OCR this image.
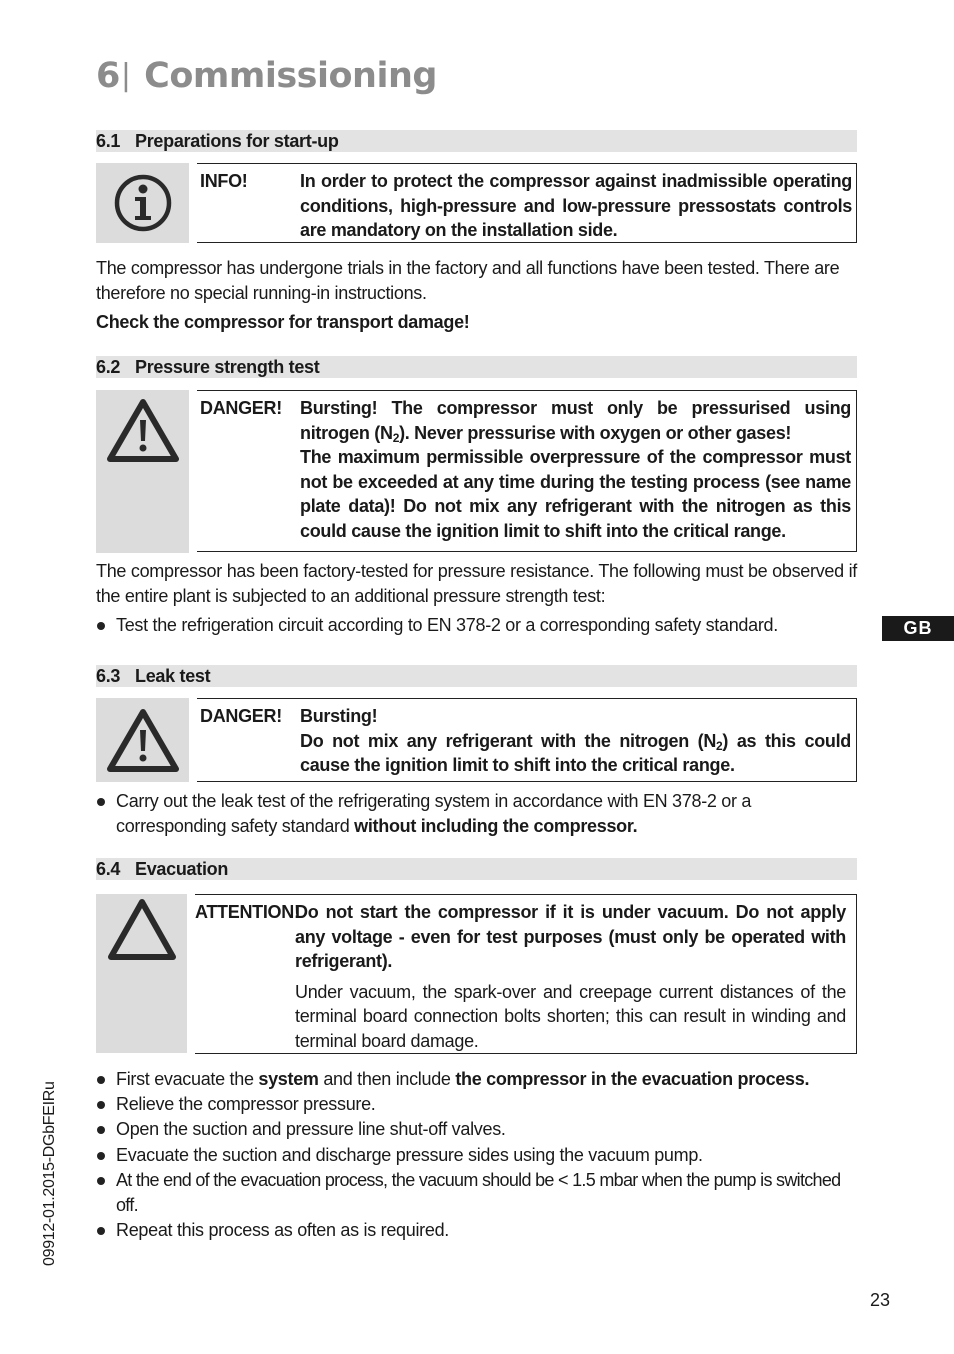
6| Commissioning
6.1 Preparations for start-up
INFO!	In order to protect the compressor against inadmissible operating conditions, high-pressure and low-pressure pressostats controls are mandatory on the installation side.

The compressor has undergone trials in the factory and all functions have been tested. There are therefore no special running-in instructions.

Check the compressor for transport damage!

6.2 Pressure strength test
DANGER! Bursting! The compressor must only be pressurised using nitrogen $(N_2)$. Never pressurise with oxygen or other gases!
The maximum permissible overpressure of the compressor must not be exceeded at any time during the testing process (see name plate data)! Do not mix any refrigerant with the nitrogen as this could cause the ignition limit to shift into the critical range.

The compressor has been factory-tested for pressure resistance. The following must be observed if the entire plant is subjected to an additional pressure strength test:

Test the refrigeration circuit according to EN 378-2 or a corresponding safety standard.
6.3 Leak test
DANGER! Bursting!
Do not mix any refrigerant with the nitrogen $(N_2)$ as this could cause the ignition limit to shift into the critical range.
Carry out the leak test of the refrigerating system in accordance with EN 378-2 or a corresponding safety standard without including the compressor.
6.4 Evacuation
ATTENTION!
Do not start the compressor if it is under vacuum. Do not apply any voltage - even for test purposes (must only be operated with refrigerant).
Under vacuum, the spark-over and creepage current distances of the terminal board connection bolts shorten; this can result in winding and terminal board damage.
First evacuate the system and then include the compressor in the evacuation process.
Relieve the compressor pressure.
Open the suction and pressure line shut-off valves.
Evacuate the suction and discharge pressure sides using the vacuum pump.
At the end of the evacuation process, the vacuum should be < 1.5 mbar when the pump is switched off.
Repeat this process as often as is required.
GB
09912-01.2015-DGbFEIRu
23
